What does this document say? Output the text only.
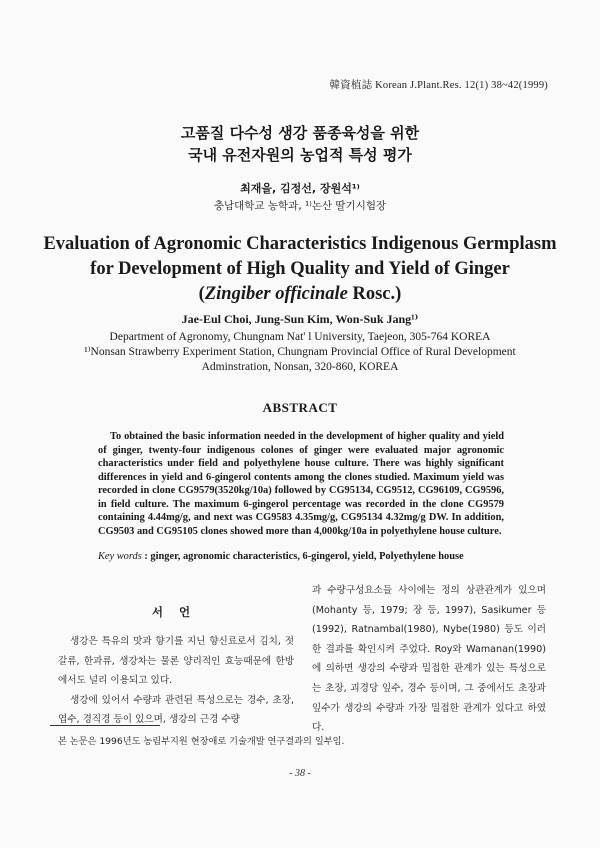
韓資植誌 Korean J.Plant.Res. 12(1) 38~42(1999)
고품질 다수성 생강 품종육성을 위한
국내 유전자원의 농업적 특성 평가
최재을, 김정선, 장원석¹⁾
충남대학교 농학과, ¹⁾논산 딸기시험장
Evaluation of Agronomic Characteristics Indigenous Germplasm
for Development of High Quality and Yield of Ginger
(Zingiber officinale Rosc.)
Jae-Eul Choi, Jung-Sun Kim, Won-Suk Jang¹⁾
Department of Agronomy, Chungnam Nat' l University, Taejeon, 305-764 KOREA
¹⁾Nonsan Strawberry Experiment Station, Chungnam Provincial Office of Rural Development
Adminstration, Nonsan, 320-860, KOREA
ABSTRACT
To obtained the basic information needed in the development of higher quality and yield of ginger, twenty-four indigenous colones of ginger were evaluated major agronomic characteristics under field and polyethylene house culture. There was highly significant differences in yield and 6-gingerol contents among the clones studied. Maximum yield was recorded in clone CG9579(3520kg/10a) followed by CG95134, CG9512, CG96109, CG9596, in field culture. The maximum 6-gingerol percentage was recorded in the clone CG9579 containing 4.44mg/g, and next was CG9583 4.35mg/g, CG95134 4.32mg/g DW. In addition, CG9503 and CG95105 clones showed more than 4,000kg/10a in polyethylene house culture.
Key words : ginger, agronomic characteristics, 6-gingerol, yield, Polyethylene house
서 언

생강은 특유의 맛과 향기를 지닌 향신료로서 김치, 젓갈류, 한과류, 생강차는 물론 양리적인 효능때문에 한방에서도 널리 이용되고 있다.

생강에 있어서 수량과 관련된 특성으로는 경수, 초장, 엽수, 경직경 등이 있으며, 생강의 근경 수량

과 수량구성요소들 사이에는 정의 상관관계가 있으며(Mohanty 등, 1979; 장 등, 1997), Sasikumer 등(1992), Ratnambal(1980), Nybe(1980) 등도 이러한 결과를 확인시켜 주었다. Roy와 Wamanan(1990)에 의하면 생강의 수량과 밀접한 관계가 있는 특성으로는 초장, 괴경당 잎수, 경수 등이며, 그 중에서도 초장과 잎수가 생강의 수량과 가장 밀접한 관계가 있다고 하였다.

본 논문은 1996년도 농림부지원 현장애로 기술개발 연구결과의 일부임.
- 38 -
